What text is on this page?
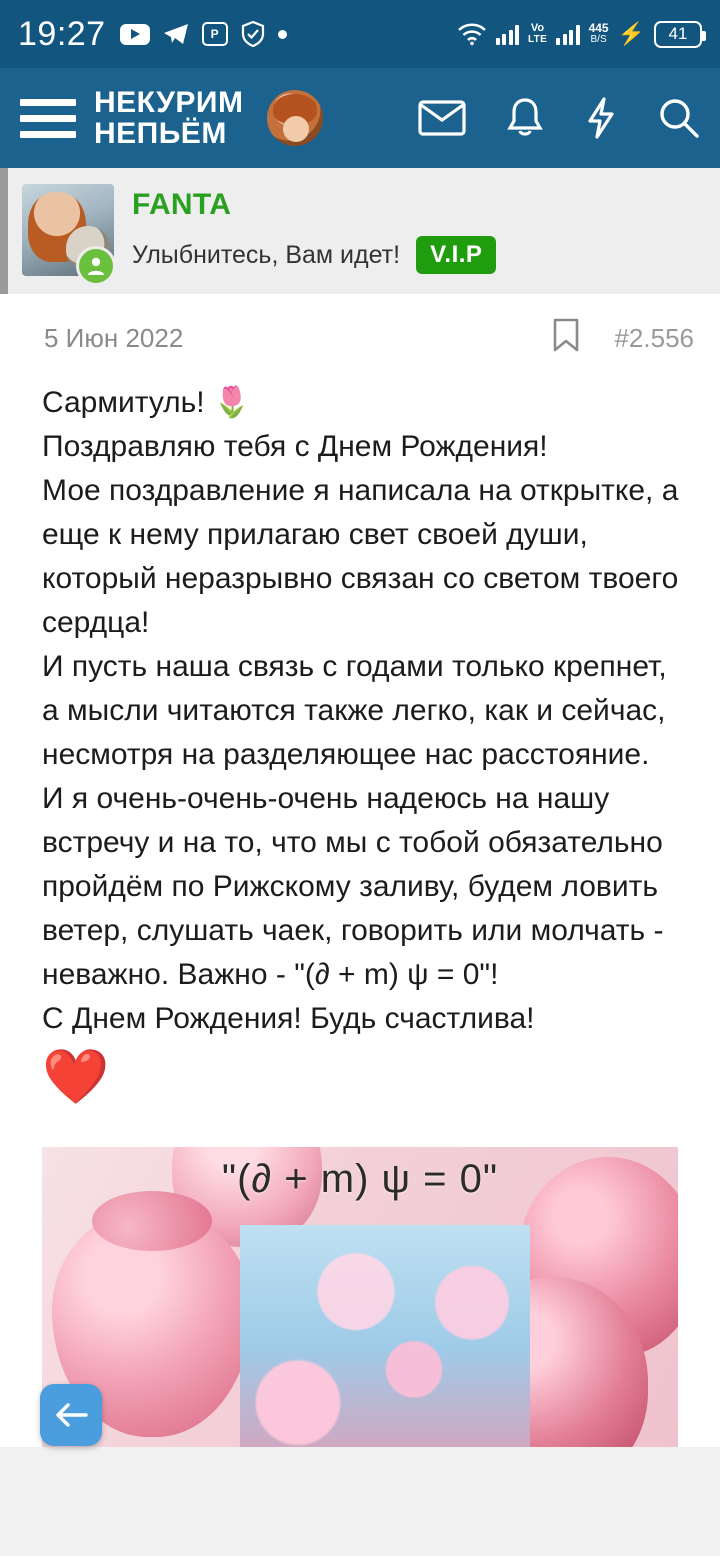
19:27	P	Vo
LTE
445
B/S ⚡	41
НЕКУРИМ
НЕПЬЁМ
FANTA
Улыбнитесь, Вам идет!	V.I.P
5 Июн 2022	#2.556

Сармитуль! 🌷

Поздравляю тебя с Днем Рождения!

Мое поздравление я написала на открытке, а еще к нему прилагаю свет своей души, который неразрывно связан со светом твоего сердца!

И пусть наша связь с годами только крепнет, а мысли читаются также легко, как и сейчас, несмотря на разделяющее нас расстояние.

И я очень-очень-очень надеюсь на нашу встречу и на то, что мы с тобой обязательно пройдём по Рижскому заливу, будем ловить ветер, слушать чаек, говорить или молчать - неважно. Важно - "(∂ + m) ψ = 0"!

С Днем Рождения! Будь счастлива!

❤️
"(∂ + m) ψ = 0"
